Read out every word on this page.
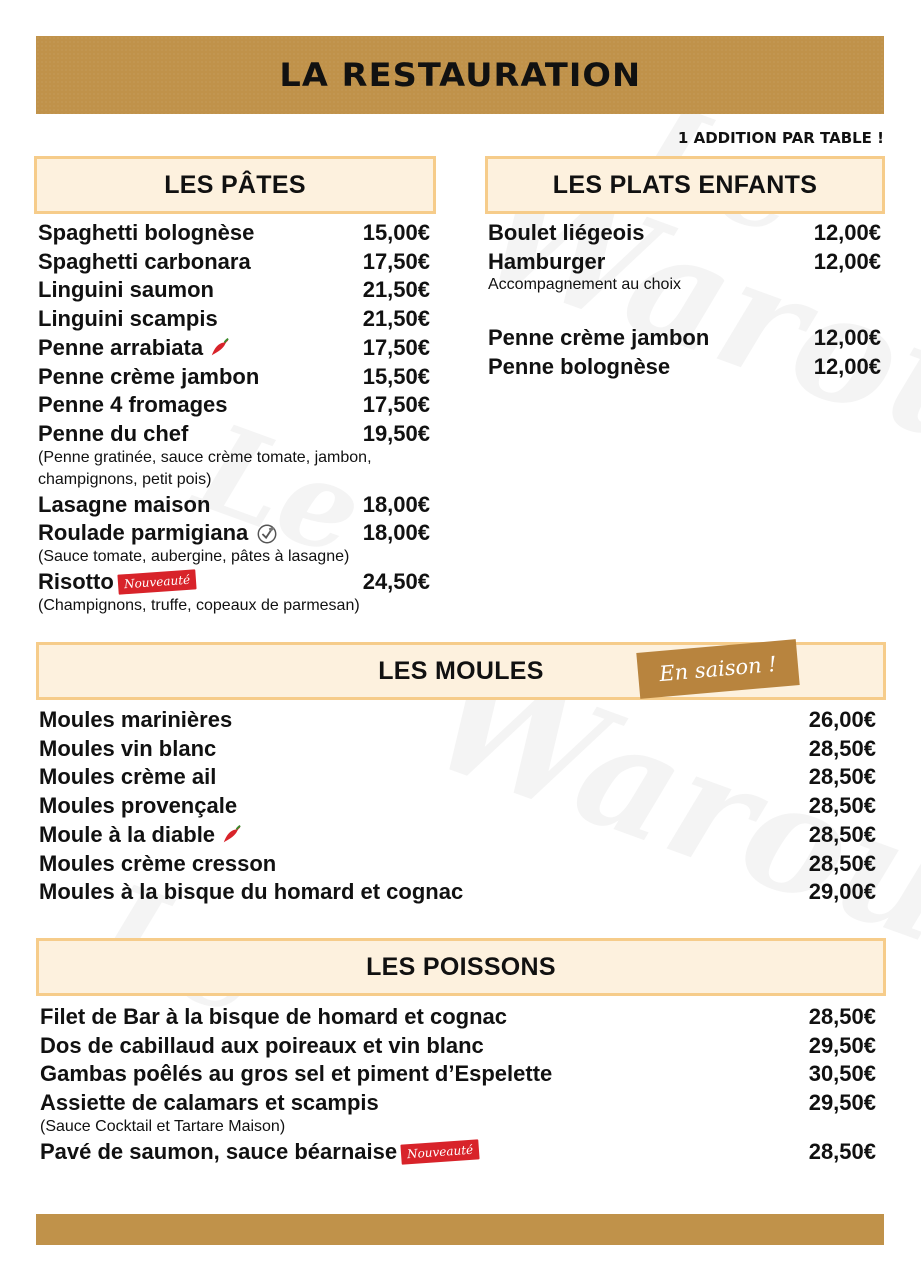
LA RESTAURATION
1 ADDITION PAR TABLE !
LES PÂTES
Spaghetti bolognèse	15,00€
Spaghetti carbonara	17,50€
Linguini saumon	21,50€
Linguini scampis	21,50€
Penne arrabiata	17,50€
Penne crème jambon	15,50€
Penne 4 fromages	17,50€
Penne du chef	19,50€
(Penne gratinée, sauce crème tomate, jambon, champignons, petit pois)
Lasagne maison	18,00€
Roulade parmigiana	18,00€
(Sauce tomate, aubergine, pâtes à lasagne)
Risotto Nouveauté	24,50€
(Champignons, truffe, copeaux de parmesan)
LES PLATS ENFANTS
Boulet liégeois	12,00€
Hamburger	12,00€
Accompagnement au choix
Penne crème jambon	12,00€
Penne bolognèse	12,00€
LES MOULES	En saison !
Moules marinières	26,00€
Moules vin blanc	28,50€
Moules crème ail	28,50€
Moules provençale	28,50€
Moule à la diable	28,50€
Moules crème cresson	28,50€
Moules à la bisque du homard et cognac	29,00€
LES POISSONS
Filet de Bar à la bisque de homard et cognac	28,50€
Dos de cabillaud aux poireaux et vin blanc	29,50€
Gambas poêlés au gros sel et piment d’Espelette	30,50€
Assiette de calamars et scampis	29,50€
(Sauce Cocktail et Tartare Maison)
Pavé de saumon, sauce béarnaise Nouveauté	28,50€
